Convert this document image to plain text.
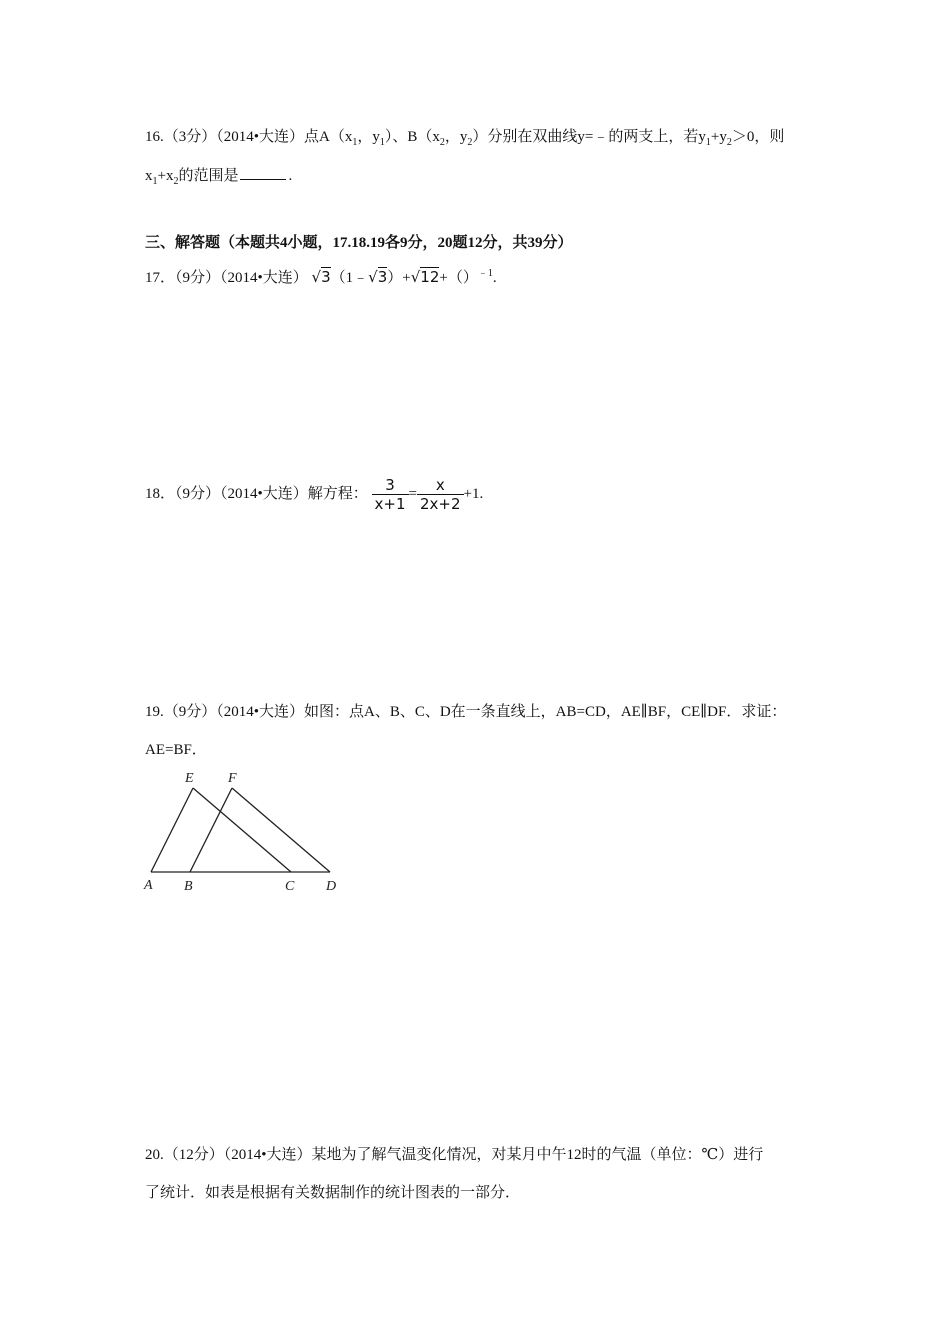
16.（3分）（2014•大连）点$A(x_1$，$y_1$）、$B(x_2$，$y_2$）分别在双曲线y=﹣的两支上，若$y_1+y_2>0$，则
$x_1+x_2$的范围是	.
三、解答题（本题共4小题，17.18.19各9分，20题12分，共39分）
17．（9分）（2014•大连） √3（1﹣√3）+√12+（）$^{﹣1}$.
18．（9分）（2014•大连）解方程： $\frac{3}{x+1} = \frac{x}{2x+2} +1$.
19.（9分）（2014•大连）如图：点A、B、C、D在一条直线上，AB=CD，AE∥BF，CE∥DF．求证：
AE=BF．
E F
A B	C D
20.（12分）（2014•大连）某地为了解气温变化情况，对某月中午12时的气温（单位：℃）进行
了统计．如表是根据有关数据制作的统计图表的一部分．
